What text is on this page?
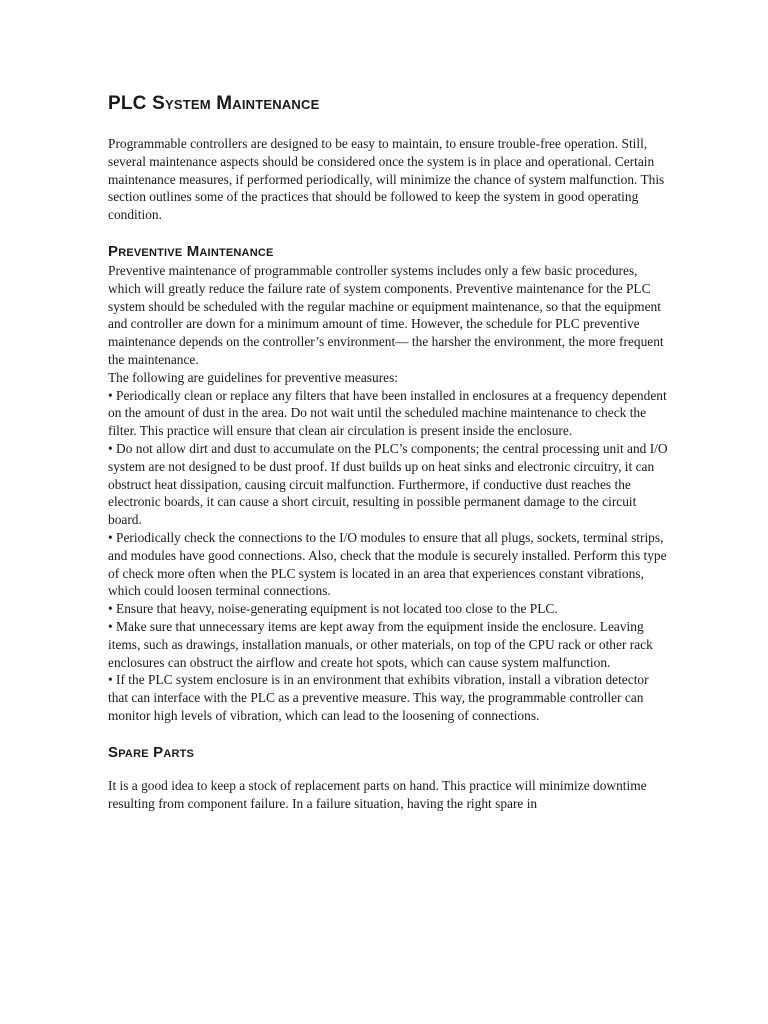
PLC System Maintenance

Programmable controllers are designed to be easy to maintain, to ensure trouble-free operation. Still, several maintenance aspects should be considered once the system is in place and operational. Certain maintenance measures, if performed periodically, will minimize the chance of system malfunction. This section outlines some of the practices that should be followed to keep the system in good operating condition.

Preventive Maintenance

Preventive maintenance of programmable controller systems includes only a few basic procedures, which will greatly reduce the failure rate of system components. Preventive maintenance for the PLC system should be scheduled with the regular machine or equipment maintenance, so that the equipment and controller are down for a minimum amount of time. However, the schedule for PLC preventive maintenance depends on the controller’s environment— the harsher the environment, the more frequent the maintenance.

The following are guidelines for preventive measures:

• Periodically clean or replace any filters that have been installed in enclosures at a frequency dependent on the amount of dust in the area. Do not wait until the scheduled machine maintenance to check the filter. This practice will ensure that clean air circulation is present inside the enclosure.
• Do not allow dirt and dust to accumulate on the PLC’s components; the central processing unit and I/O system are not designed to be dust proof. If dust builds up on heat sinks and electronic circuitry, it can obstruct heat dissipation, causing circuit malfunction. Furthermore, if conductive dust reaches the electronic boards, it can cause a short circuit, resulting in possible permanent damage to the circuit board.
• Periodically check the connections to the I/O modules to ensure that all plugs, sockets, terminal strips, and modules have good connections. Also, check that the module is securely installed. Perform this type of check more often when the PLC system is located in an area that experiences constant vibrations, which could loosen terminal connections.
• Ensure that heavy, noise-generating equipment is not located too close to the PLC.
• Make sure that unnecessary items are kept away from the equipment inside the enclosure. Leaving items, such as drawings, installation manuals, or other materials, on top of the CPU rack or other rack enclosures can obstruct the airflow and create hot spots, which can cause system malfunction.
• If the PLC system enclosure is in an environment that exhibits vibration, install a vibration detector that can interface with the PLC as a preventive measure. This way, the programmable controller can monitor high levels of vibration, which can lead to the loosening of connections.
Spare Parts

It is a good idea to keep a stock of replacement parts on hand. This practice will minimize downtime resulting from component failure. In a failure situation, having the right spare in
